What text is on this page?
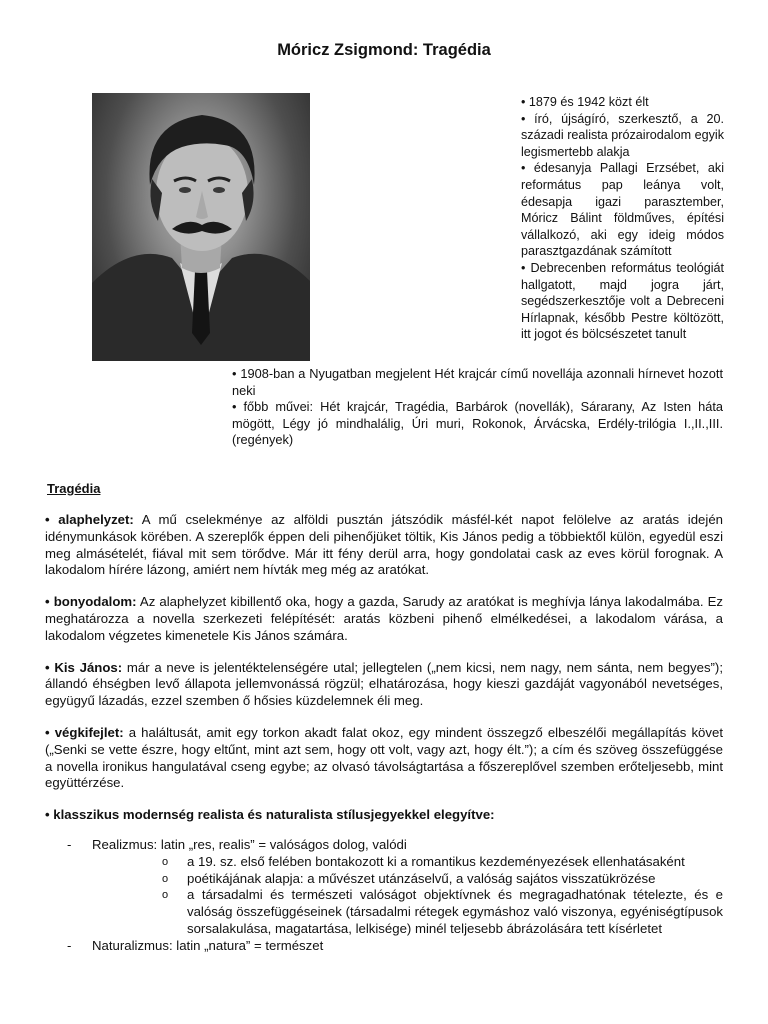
Móricz Zsigmond: Tragédia

• 1879 és 1942 közt élt

• író, újságíró, szerkesztő, a 20. századi realista prózairodalom egyik legismertebb alakja

• édesanyja Pallagi Erzsébet, aki református pap leánya volt, édesapja igazi parasztember, Móricz Bálint földműves, építési vállalkozó, aki egy ideig módos parasztgazdának számított

• Debrecenben református teológiát hallgatott, majd jogra járt, segédszerkesztője volt a Debreceni Hírlapnak, később Pestre költözött, itt jogot és bölcsészetet tanult

• 1908-ban a Nyugatban megjelent Hét krajcár című novellája azonnali hírnevet hozott neki

• főbb művei: Hét krajcár, Tragédia, Barbárok (novellák), Sárarany, Az Isten háta mögött, Légy jó mindhalálig, Úri muri, Rokonok, Árvácska, Erdély-trilógia I.,II.,III. (regények)

Tragédia

• alaphelyzet: A mű cselekménye az alföldi pusztán játszódik másfél-két napot felölelve az aratás idején idénymunkások körében. A szereplők éppen deli pihenőjüket töltik, Kis János pedig a többiektől külön, egyedül eszi meg almásételét, fiával mit sem törődve. Már itt fény derül arra, hogy gondolatai cask az eves körül forognak. A lakodalom hírére lázong, amiért nem hívták meg még az aratókat.

• bonyodalom: Az alaphelyzet kibillentő oka, hogy a gazda, Sarudy az aratókat is meghívja lánya lakodalmába. Ez meghatározza a novella szerkezeti felépítését: aratás közbeni pihenő elmélkedései, a lakodalom várása, a lakodalom végzetes kimenetele Kis János számára.

• Kis János: már a neve is jelentéktelenségére utal; jellegtelen („nem kicsi, nem nagy, nem sánta, nem begyes”); állandó éhségben levő állapota jellemvonássá rögzül; elhatározása, hogy kieszi gazdáját vagyonából nevetséges, együgyű lázadás, ezzel szemben ő hősies küzdelemnek éli meg.

• végkifejlet: a haláltusát, amit egy torkon akadt falat okoz, egy mindent összegző elbeszélői megállapítás követ („Senki se vette észre, hogy eltűnt, mint azt sem, hogy ott volt, vagy azt, hogy élt.”); a cím és szöveg összefüggése a novella ironikus hangulatával cseng egybe; az olvasó távolságtartása a főszereplővel szemben erőteljesebb, mint együttérzése.

• klasszikus modernség realista és naturalista stílusjegyekkel elegyítve:

- Realizmus: latin „res, realis” = valóságos dolog, valódi
o a 19. sz. első felében bontakozott ki a romantikus kezdeményezések ellenhatásaként
o poétikájának alapja: a művészet utánzáselvű, a valóság sajátos visszatükrözése
o a társadalmi és természeti valóságot objektívnek és megragadhatónak tételezte, és e valóság összefüggéseinek (társadalmi rétegek egymáshoz való viszonya, egyéniségtípusok sorsalakulása, magatartása, lelkisége) minél teljesebb ábrázolására tett kísérletet
- Naturalizmus: latin „natura” = természet
